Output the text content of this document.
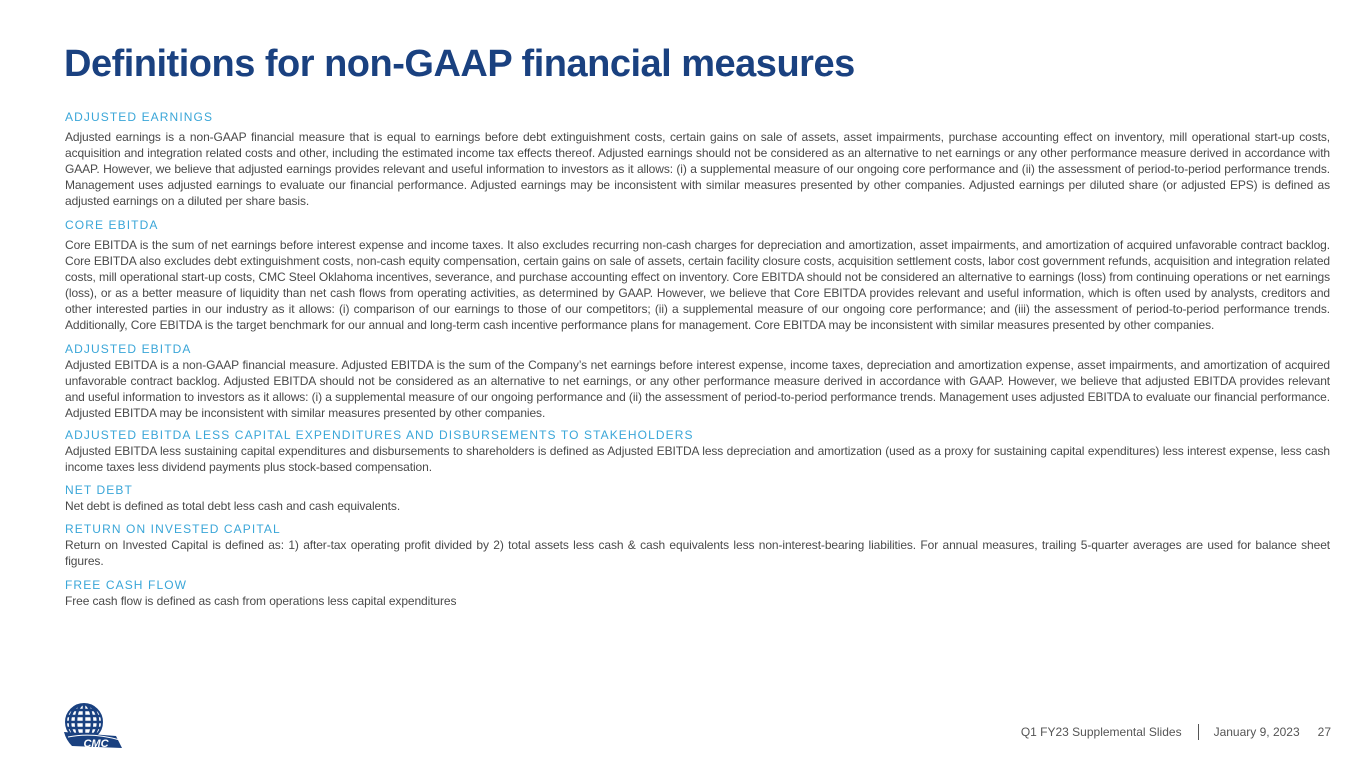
Definitions for non-GAAP financial measures
ADJUSTED EARNINGS
Adjusted earnings is a non-GAAP financial measure that is equal to earnings before debt extinguishment costs, certain gains on sale of assets, asset impairments, purchase accounting effect on inventory, mill operational start-up costs, acquisition and integration related costs and other, including the estimated income tax effects thereof. Adjusted earnings should not be considered as an alternative to net earnings or any other performance measure derived in accordance with GAAP. However, we believe that adjusted earnings provides relevant and useful information to investors as it allows: (i) a supplemental measure of our ongoing core performance and (ii) the assessment of period-to-period performance trends. Management uses adjusted earnings to evaluate our financial performance. Adjusted earnings may be inconsistent with similar measures presented by other companies. Adjusted earnings per diluted share (or adjusted EPS) is defined as adjusted earnings on a diluted per share basis.
CORE EBITDA
Core EBITDA is the sum of net earnings before interest expense and income taxes. It also excludes recurring non-cash charges for depreciation and amortization, asset impairments, and amortization of acquired unfavorable contract backlog. Core EBITDA also excludes debt extinguishment costs, non-cash equity compensation, certain gains on sale of assets, certain facility closure costs, acquisition settlement costs, labor cost government refunds, acquisition and integration related costs, mill operational start-up costs, CMC Steel Oklahoma incentives, severance, and purchase accounting effect on inventory. Core EBITDA should not be considered an alternative to earnings (loss) from continuing operations or net earnings (loss), or as a better measure of liquidity than net cash flows from operating activities, as determined by GAAP. However, we believe that Core EBITDA provides relevant and useful information, which is often used by analysts, creditors and other interested parties in our industry as it allows: (i) comparison of our earnings to those of our competitors; (ii) a supplemental measure of our ongoing core performance; and (iii) the assessment of period-to-period performance trends. Additionally, Core EBITDA is the target benchmark for our annual and long-term cash incentive performance plans for management. Core EBITDA may be inconsistent with similar measures presented by other companies.
ADJUSTED EBITDA
Adjusted EBITDA is a non-GAAP financial measure. Adjusted EBITDA is the sum of the Company’s net earnings before interest expense, income taxes, depreciation and amortization expense, asset impairments, and amortization of acquired unfavorable contract backlog. Adjusted EBITDA should not be considered as an alternative to net earnings, or any other performance measure derived in accordance with GAAP. However, we believe that adjusted EBITDA provides relevant and useful information to investors as it allows: (i) a supplemental measure of our ongoing performance and (ii) the assessment of period-to-period performance trends. Management uses adjusted EBITDA to evaluate our financial performance. Adjusted EBITDA may be inconsistent with similar measures presented by other companies.
ADJUSTED EBITDA LESS CAPITAL EXPENDITURES AND DISBURSEMENTS TO STAKEHOLDERS
Adjusted EBITDA less sustaining capital expenditures and disbursements to shareholders is defined as Adjusted EBITDA less depreciation and amortization (used as a proxy for sustaining capital expenditures) less interest expense, less cash income taxes less dividend payments plus stock-based compensation.
NET DEBT
Net debt is defined as total debt less cash and cash equivalents.
RETURN ON INVESTED CAPITAL
Return on Invested Capital is defined as: 1) after-tax operating profit divided by 2) total assets less cash & cash equivalents less non-interest-bearing liabilities. For annual measures, trailing 5-quarter averages are used for balance sheet figures.
FREE CASH FLOW
Free cash flow is defined as cash from operations less capital expenditures
CMC
Q1 FY23 Supplemental Slides	January 9, 2023 27
